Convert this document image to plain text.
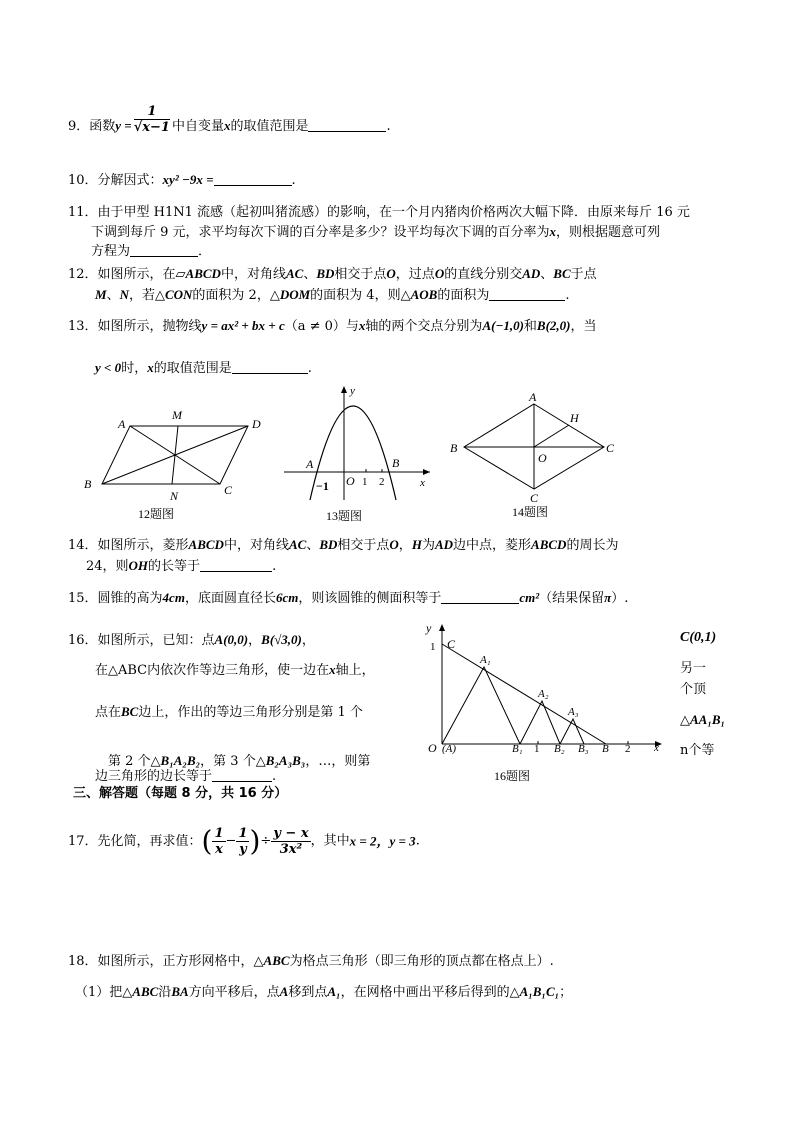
9．函数$y = \frac{1}{√x-1}$ 中自变量x的取值范围是	.
10．分解因式：xy² −9x =	.
11．由于甲型 H1N1 流感（起初叫猪流感）的影响，在一个月内猪肉价格两次大幅下降．由原来每斤 16 元
下调到每斤 9 元，求平均每次下调的百分率是多少？设平均每次下调的百分率为x，则根据题意可列
方程为	．
12．如图所示，在▱ABCD中，对角线AC、BD相交于点O，过点O的直线分别交AD、BC于点
M、N，若△CON的面积为 2，△DOM的面积为 4，则△AOB的面积为	.
13．如图所示，抛物线y = ax² + bx + c（a ≠ 0）与x轴的两个交点分别为A(−1,0)和B(2,0)，当
y < 0时，x的取值范围是	.
A
M
D
B
N	C
12题图
y
x
A	B
O 1 2
−1
13题图
A
H
B	C
O
C
14题图
14．如图所示，菱形ABCD中，对角线AC、BD相交于点O，H为AD边中点，菱形ABCD的周长为
24，则OH的长等于	.
15．圆锥的高为4cm，底面圆直径长6cm，则该圆锥的侧面积等于	cm²（结果保留π）.
16．如图所示，已知：点A(0,0)，B(√3,0)，
在△ABC内依次作等边三角形，使一边在x轴上，
点在BC边上，作出的等边三角形分别是第 1 个
第 2 个△B₁A₂B₂，第 3 个△B₂A₃B₃，…，则第
边三角形的边长等于	.
C(0,1)
另一
个顶
△AA₁B₁
n个等
y
1 C
A₁
A₂
A₃
O (A)	B₁ 1 B₂ B₃ B 2 x
16题图
三、解答题（每题 8 分，共 16 分）
17．先化简，再求值：( $\frac{1}{x} - \frac{1}{y}$ )÷ $\frac{y - x}{\text{3x²}}$ ，其中x = 2，y = 3.
18．如图所示，正方形网格中，△ABC为格点三角形（即三角形的顶点都在格点上）.
（1）把△ABC沿BA方向平移后，点A移到点A₁，在网格中画出平移后得到的△A₁B₁C₁；
